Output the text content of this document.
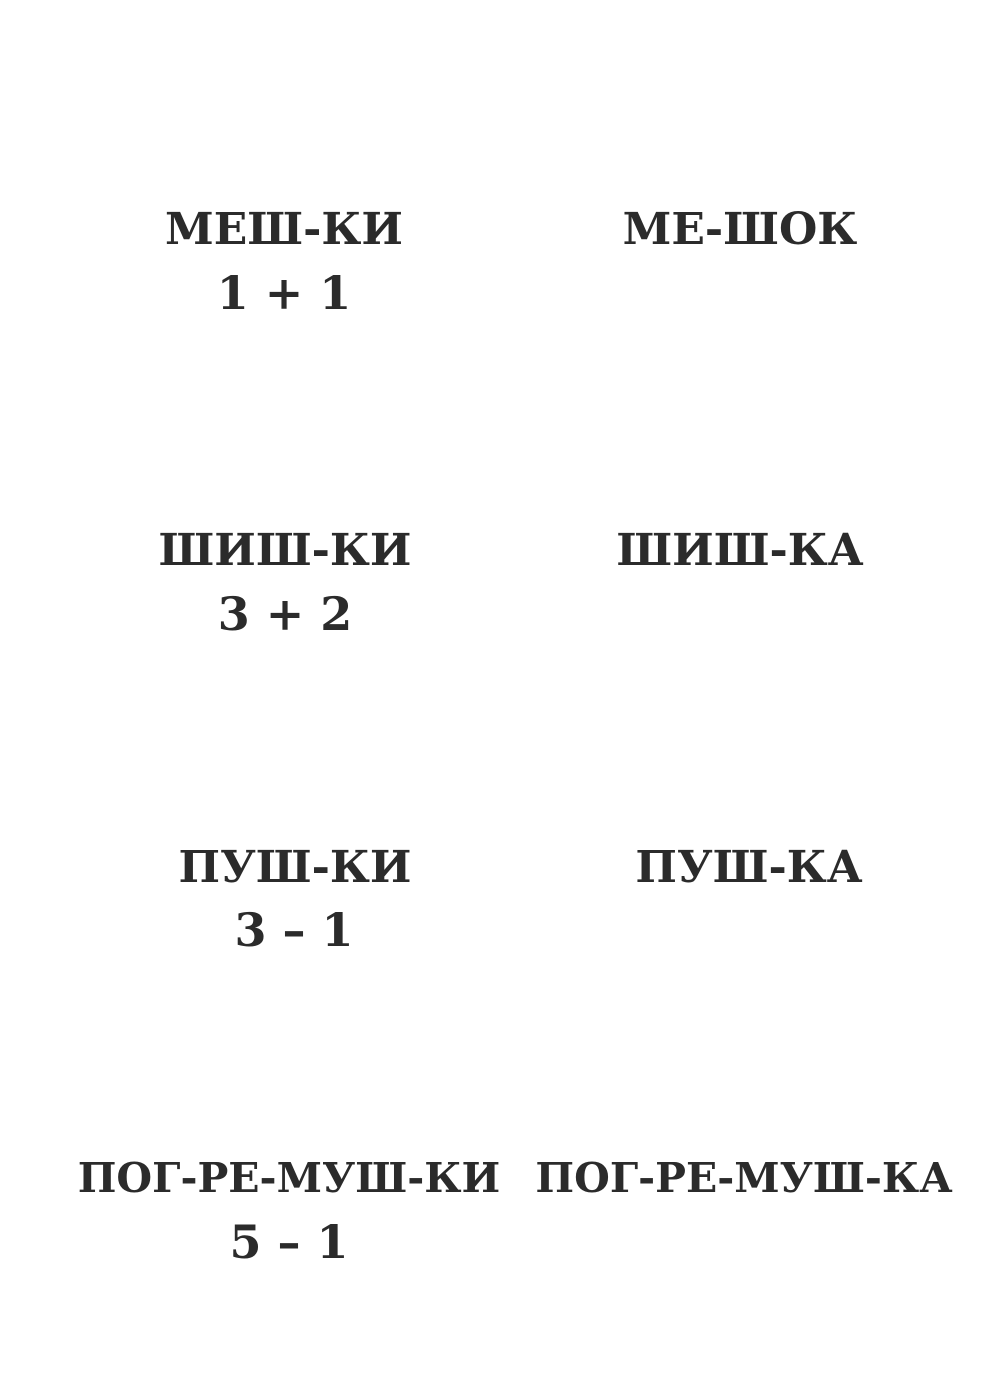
МЕШ-КИ
1 + 1
МЕ-ШОК
ШИШ-КИ
3 + 2
ШИШ-КА
ПУШ-КИ
3 – 1
ПУШ-КА
ПОГ-РЕ-МУШ-КИ
5 – 1
ПОГ-РЕ-МУШ-КА
